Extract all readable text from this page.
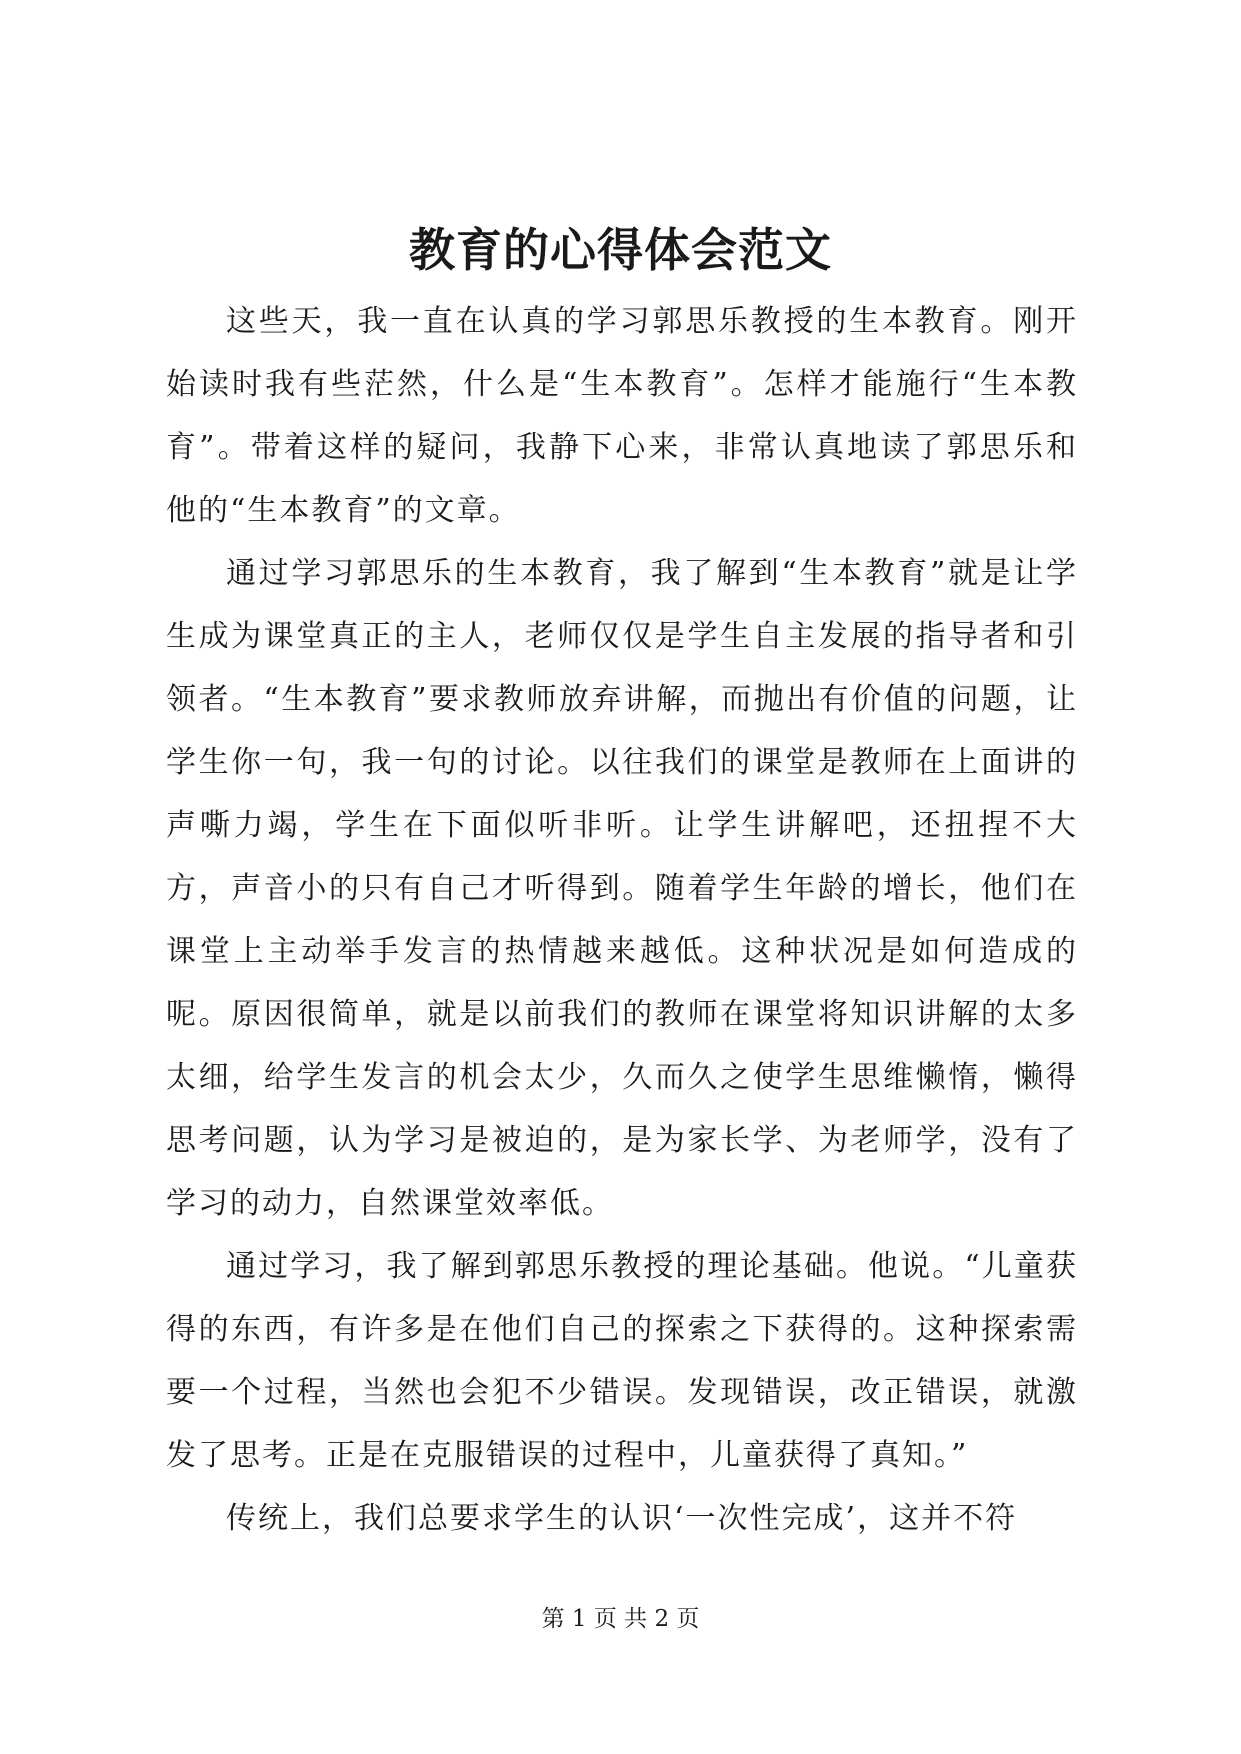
教育的心得体会范文

这些天，我一直在认真的学习郭思乐教授的生本教育。刚开始读时我有些茫然，什么是“生本教育”。怎样才能施行“生本教育”。带着这样的疑问，我静下心来，非常认真地读了郭思乐和他的“生本教育”的文章。

通过学习郭思乐的生本教育，我了解到“生本教育”就是让学生成为课堂真正的主人，老师仅仅是学生自主发展的指导者和引领者。“生本教育”要求教师放弃讲解，而抛出有价值的问题，让学生你一句，我一句的讨论。以往我们的课堂是教师在上面讲的声嘶力竭，学生在下面似听非听。让学生讲解吧，还扭捏不大方，声音小的只有自己才听得到。随着学生年龄的增长，他们在课堂上主动举手发言的热情越来越低。这种状况是如何造成的呢。原因很简单，就是以前我们的教师在课堂将知识讲解的太多太细，给学生发言的机会太少，久而久之使学生思维懒惰，懒得思考问题，认为学习是被迫的，是为家长学、为老师学，没有了学习的动力，自然课堂效率低。

通过学习，我了解到郭思乐教授的理论基础。他说。“儿童获得的东西，有许多是在他们自己的探索之下获得的。这种探索需要一个过程，当然也会犯不少错误。发现错误，改正错误，就激发了思考。正是在克服错误的过程中，儿童获得了真知。”

传统上，我们总要求学生的认识‘一次性完成’，这并不符

第 1 页 共 2 页
